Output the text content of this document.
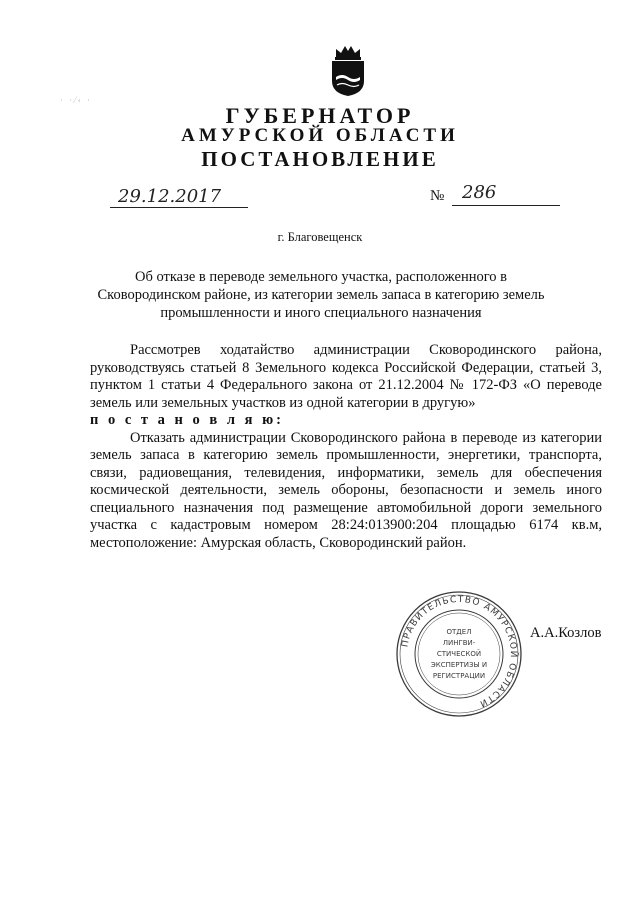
· ·⁄‹ ·
ГУБЕРНАТОР
АМУРСКОЙ ОБЛАСТИ
ПОСТАНОВЛЕНИЕ
29.12.2017	№ 286
г. Благовещенск
Об отказе в переводе земельного участка, расположенного в Сковородинском районе, из категории земель запаса в категорию земель промышленности и иного специального назначения

Рассмотрев ходатайство администрации Сковородинского района, руководствуясь статьей 8 Земельного кодекса Российской Федерации, статьей 3, пунктом 1 статьи 4 Федерального закона от 21.12.2004 № 172-ФЗ «О переводе земель или земельных участков из одной категории в другую»

п о с т а н о в л я ю:

Отказать администрации Сковородинского района в переводе из категории земель запаса в категорию земель промышленности, энергетики, транспорта, связи, радиовещания, телевидения, информатики, земель для обеспечения космической деятельности, земель обороны, безопасности и земель иного специального назначения под размещение автомобильной дороги земельного участка с кадастровым номером 28:24:013900:204 площадью 6174 кв.м, местоположение: Амурская область, Сковородинский район.

ПРАВИТЕЛЬСТВО АМУРСКОЙ ОБЛАСТИ
ОТДЕЛ
ЛИНГВИ-
СТИЧЕСКОЙ
ЭКСПЕРТИЗЫ И
РЕГИСТРАЦИИ
А.А.Козлов
